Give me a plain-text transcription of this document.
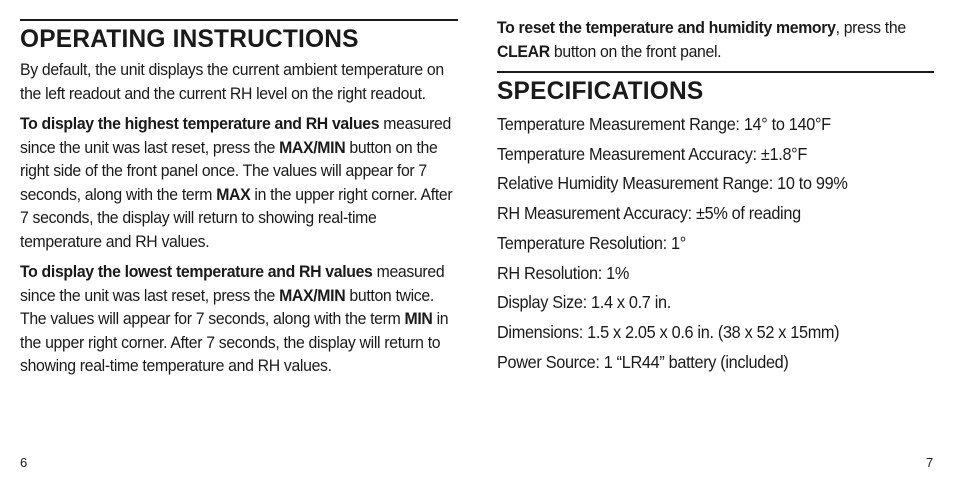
OPERATING INSTRUCTIONS
By default, the unit displays the current ambient temperature on the left readout and the current RH level on the right readout.
To display the highest temperature and RH values measured since the unit was last reset, press the MAX/MIN button on the right side of the front panel once. The values will appear for 7 seconds, along with the term MAX in the upper right corner. After 7 seconds, the display will return to showing real-time temperature and RH values.
To display the lowest temperature and RH values measured since the unit was last reset, press the MAX/MIN button twice. The values will appear for 7 seconds, along with the term MIN in the upper right corner. After 7 seconds, the display will return to showing real-time temperature and RH values.
6
To reset the temperature and humidity memory, press the CLEAR button on the front panel.
SPECIFICATIONS
Temperature Measurement Range: 14° to 140°F
Temperature Measurement Accuracy: ±1.8°F
Relative Humidity Measurement Range: 10 to 99%
RH Measurement Accuracy: ±5% of reading
Temperature Resolution: 1°
RH Resolution: 1%
Display Size: 1.4 x 0.7 in.
Dimensions: 1.5 x 2.05 x 0.6 in. (38 x 52 x 15mm)
Power Source: 1 “LR44” battery (included)
7
